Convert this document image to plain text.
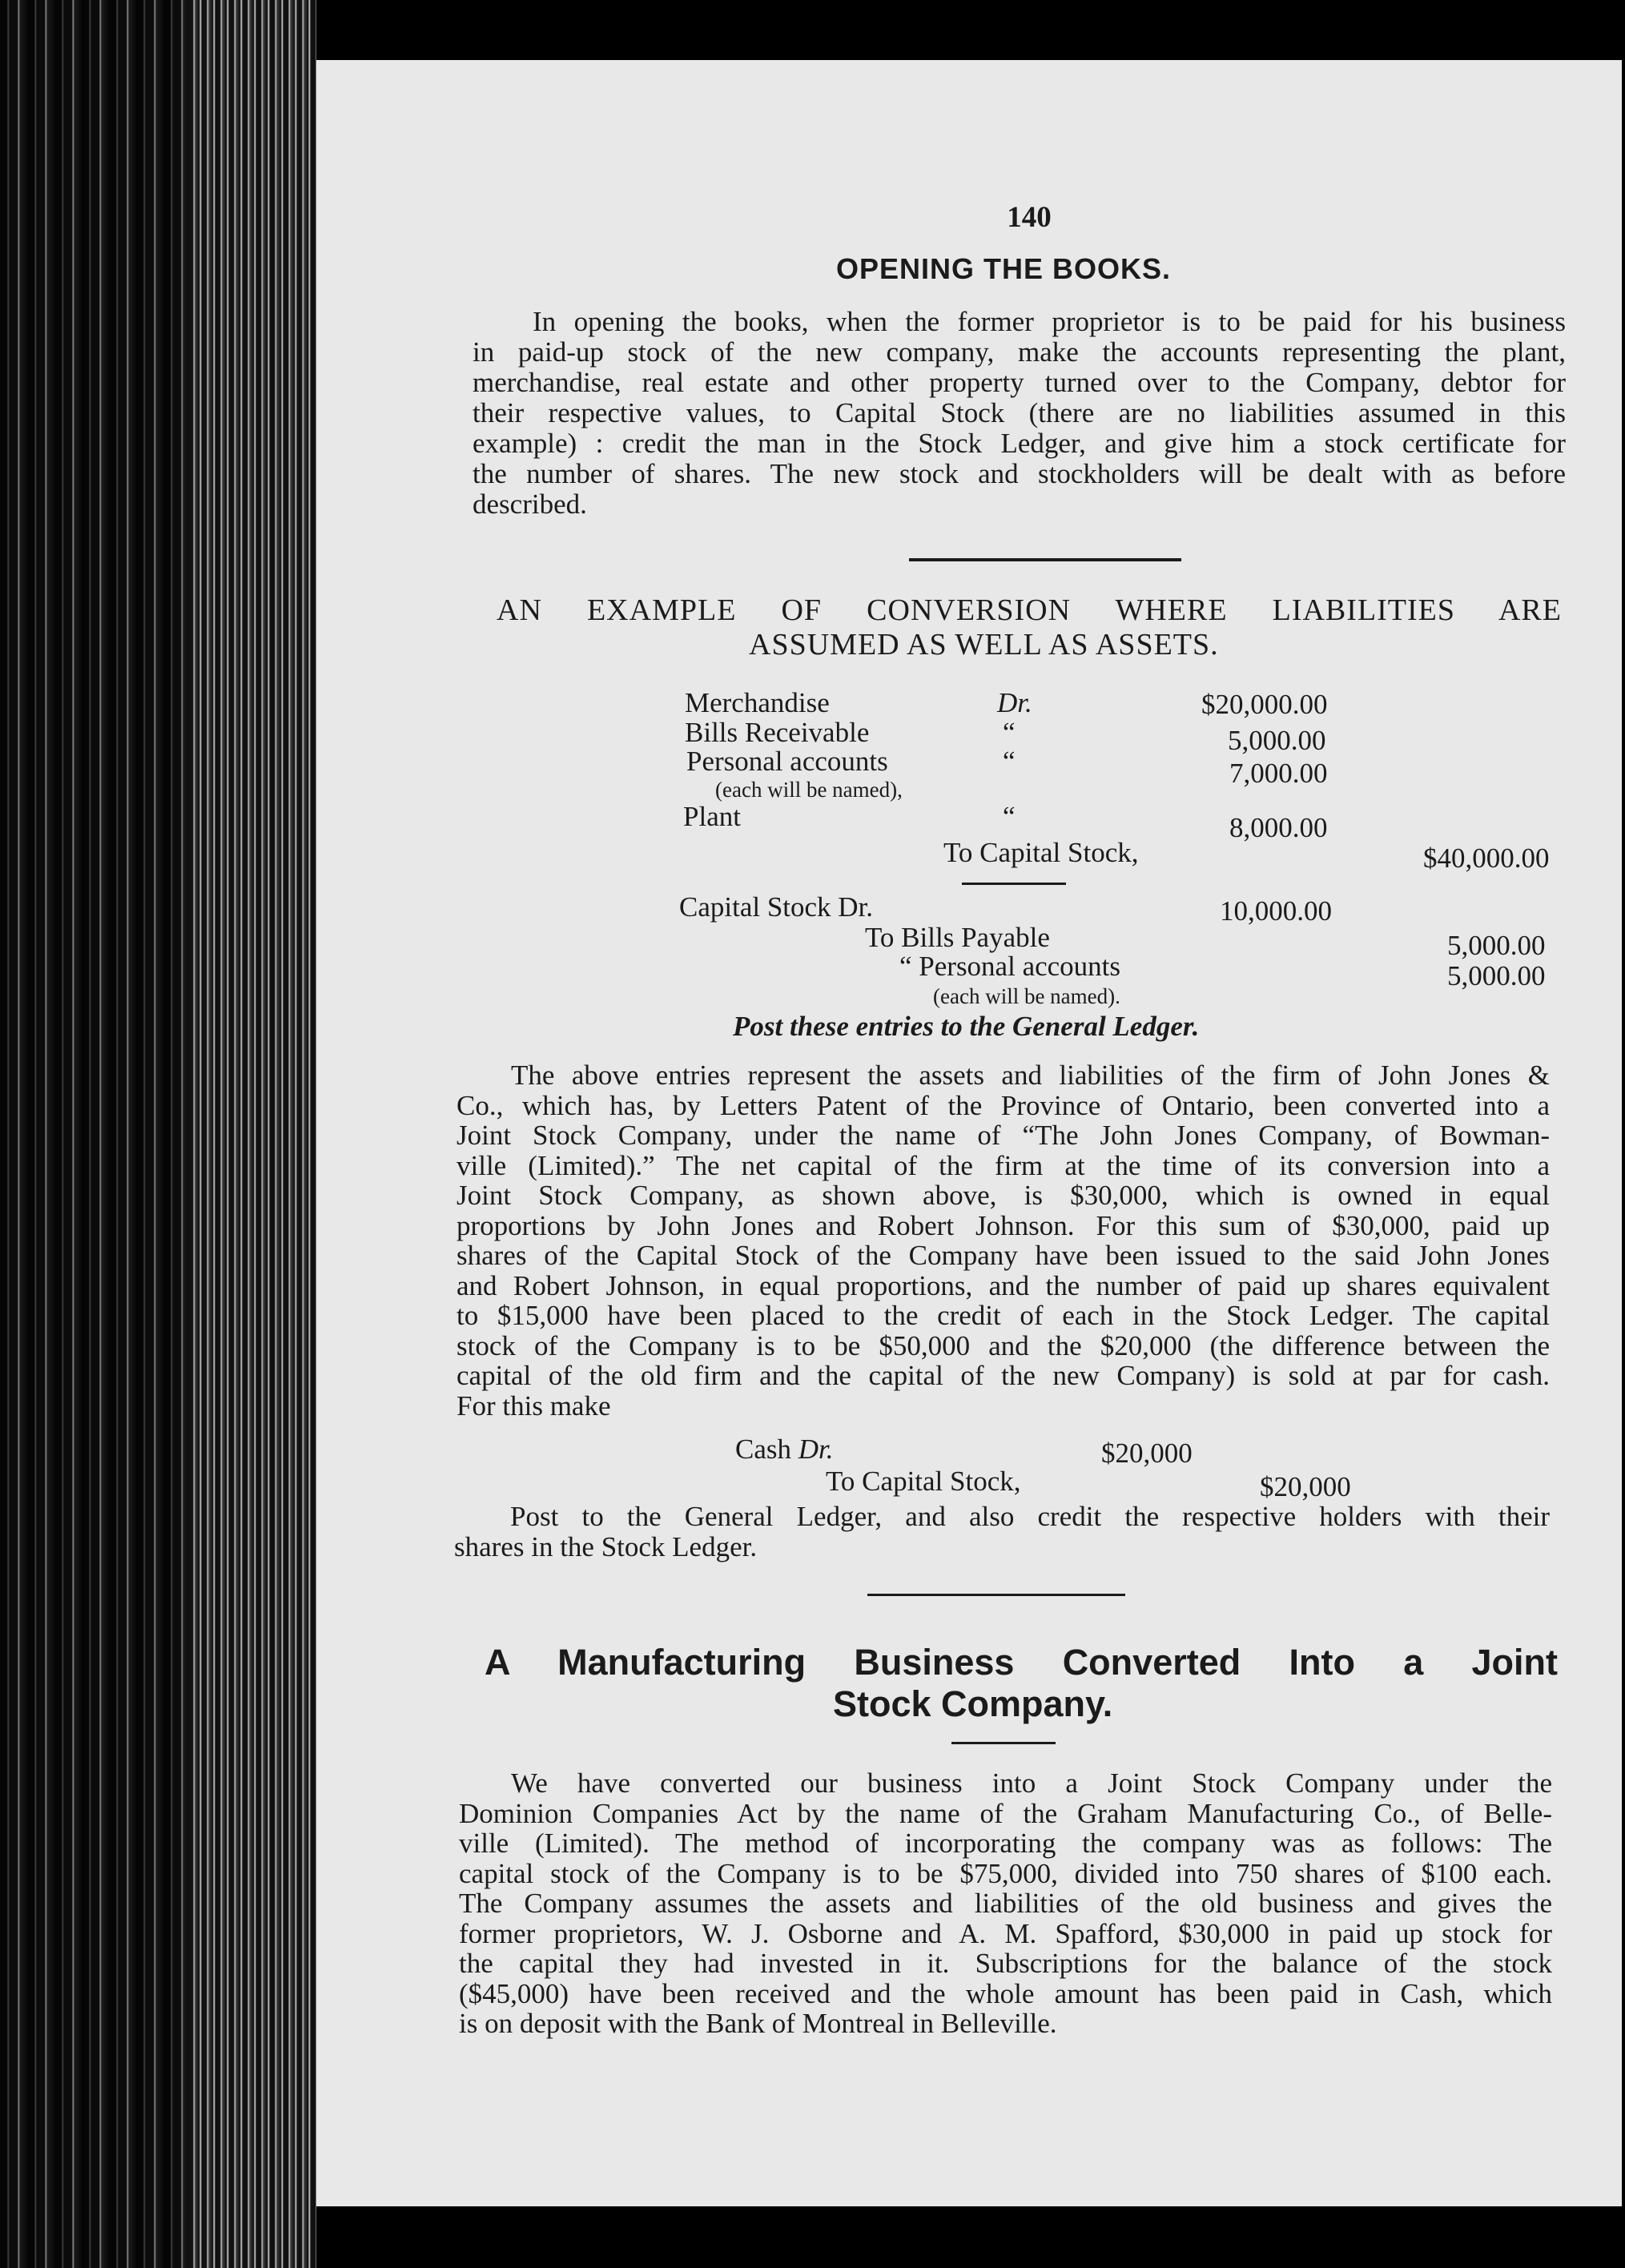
140
OPENING THE BOOKS.
In opening the books, when the former proprietor is to be paid for his business
in paid-up stock of the new company, make the accounts representing the plant,
merchandise, real estate and other property turned over to the Company, debtor for
their respective values, to Capital Stock (there are no liabilities assumed in this
example) : credit the man in the Stock Ledger, and give him a stock certificate for
the number of shares. The new stock and stockholders will be dealt with as before
described.
AN EXAMPLE OF CONVERSION WHERE LIABILITIES ARE
ASSUMED AS WELL AS ASSETS.
Merchandise	Dr.	$20,000.00
Bills Receivable	“	5,000.00
Personal accounts	“	7,000.00
(each will be named),
Plant	“	8,000.00
To Capital Stock,	$40,000.00
Capital Stock Dr.	10,000.00
To Bills Payable	5,000.00
“ Personal accounts	5,000.00
(each will be named).
Post these entries to the General Ledger.
The above entries represent the assets and liabilities of the firm of John Jones &
Co., which has, by Letters Patent of the Province of Ontario, been converted into a
Joint Stock Company, under the name of “The John Jones Company, of Bowman-
ville (Limited).” The net capital of the firm at the time of its conversion into a
Joint Stock Company, as shown above, is $30,000, which is owned in equal
proportions by John Jones and Robert Johnson. For this sum of $30,000, paid up
shares of the Capital Stock of the Company have been issued to the said John Jones
and Robert Johnson, in equal proportions, and the number of paid up shares equivalent
to $15,000 have been placed to the credit of each in the Stock Ledger. The capital
stock of the Company is to be $50,000 and the $20,000 (the difference between the
capital of the old firm and the capital of the new Company) is sold at par for cash.
For this make
Cash Dr.	$20,000
To Capital Stock,	$20,000
Post to the General Ledger, and also credit the respective holders with their
shares in the Stock Ledger.
A Manufacturing Business Converted Into a Joint
Stock Company.
We have converted our business into a Joint Stock Company under the
Dominion Companies Act by the name of the Graham Manufacturing Co., of Belle-
ville (Limited). The method of incorporating the company was as follows: The
capital stock of the Company is to be $75,000, divided into 750 shares of $100 each.
The Company assumes the assets and liabilities of the old business and gives the
former proprietors, W. J. Osborne and A. M. Spafford, $30,000 in paid up stock for
the capital they had invested in it. Subscriptions for the balance of the stock
($45,000) have been received and the whole amount has been paid in Cash, which
is on deposit with the Bank of Montreal in Belleville.
